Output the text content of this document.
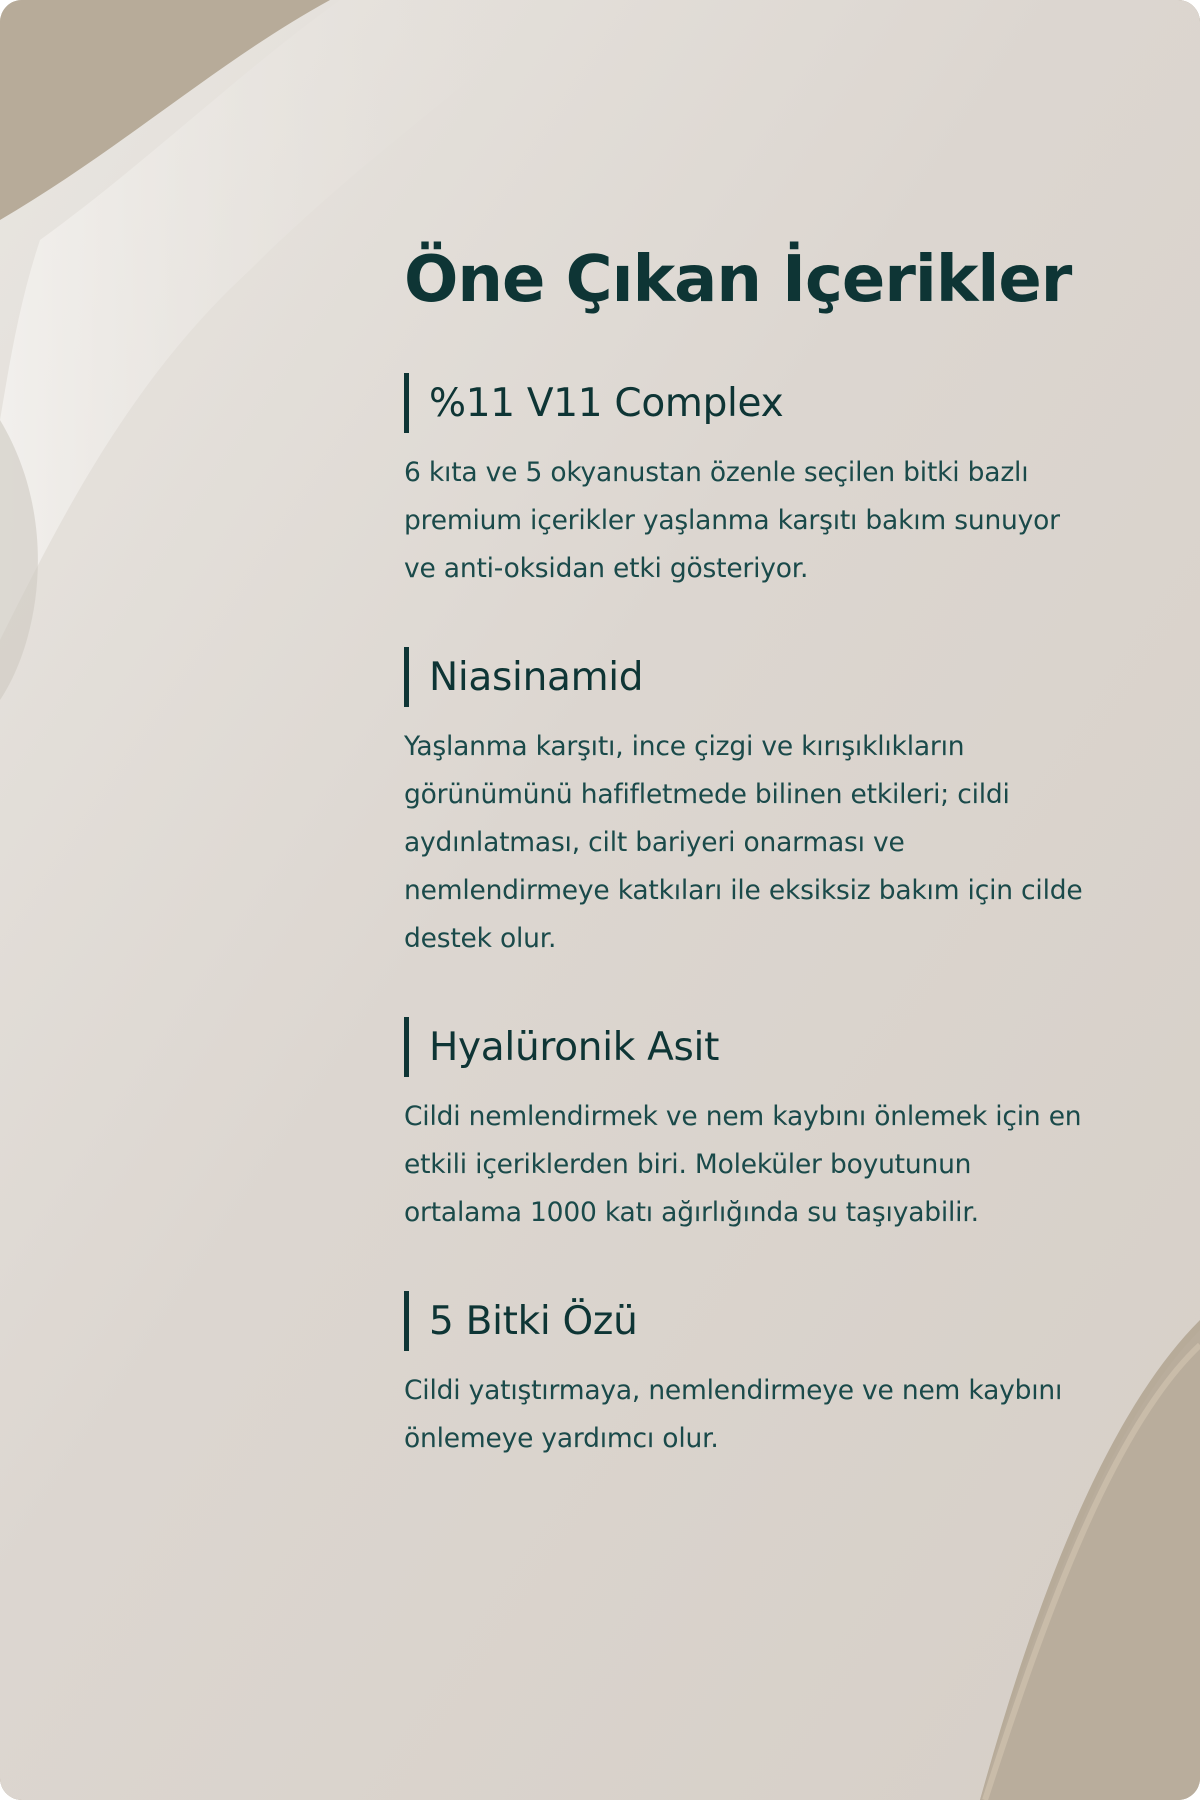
Öne Çıkan İçerikler
%11 V11 Complex

6 kıta ve 5 okyanustan özenle seçilen bitki bazlı premium içerikler yaşlanma karşıtı bakım sunuyor ve anti-oksidan etki gösteriyor.

Niasinamid

Yaşlanma karşıtı, ince çizgi ve kırışıklıkların görünümünü hafifletmede bilinen etkileri; cildi aydınlatması, cilt bariyeri onarması ve nemlendirmeye katkıları ile eksiksiz bakım için cilde destek olur.

Hyalüronik Asit

Cildi nemlendirmek ve nem kaybını önlemek için en etkili içeriklerden biri. Moleküler boyutunun ortalama 1000 katı ağırlığında su taşıyabilir.

5 Bitki Özü

Cildi yatıştırmaya, nemlendirmeye ve nem kaybını önlemeye yardımcı olur.
